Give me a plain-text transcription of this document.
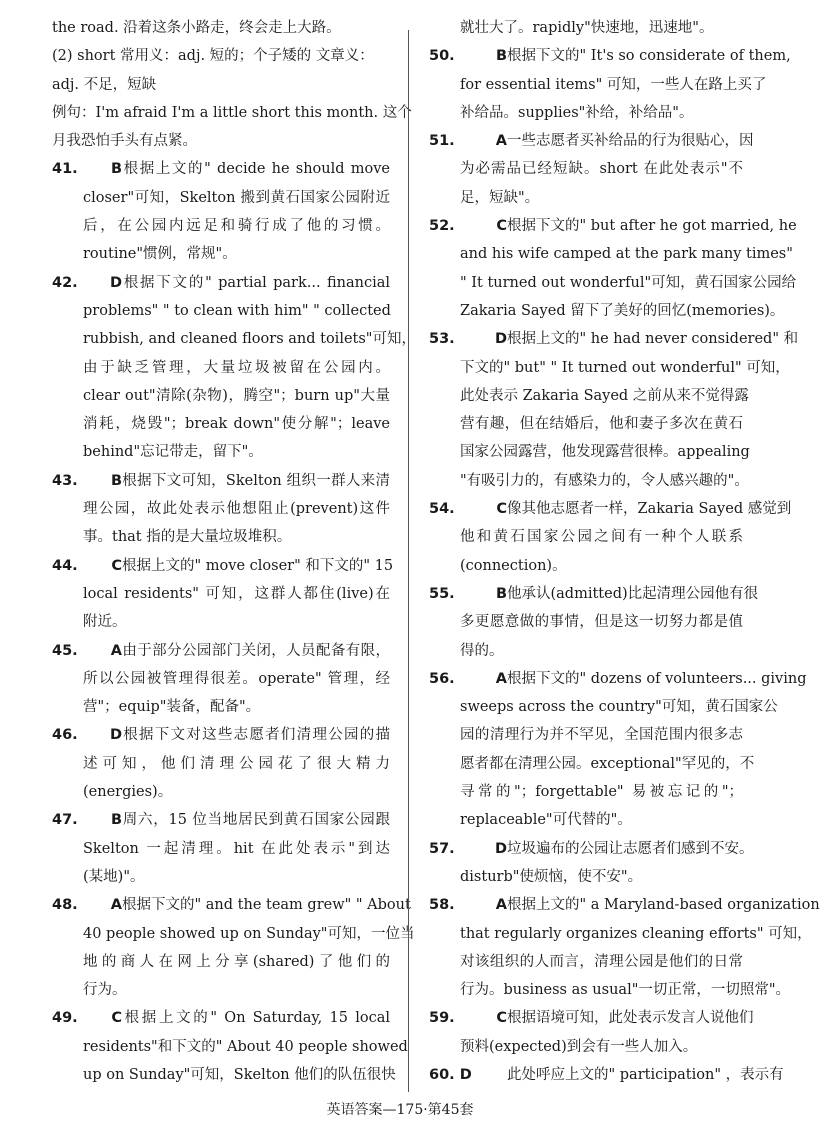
the road. 沿着这条小路走，终会走上大路。
(2) short 常用义：adj. 短的；个子矮的 文章义：
adj. 不足，短缺
例句：I'm afraid I'm a little short this month. 这个
月我恐怕手头有点紧。
41. B根据上文的" decide he should move
closer"可知，Skelton 搬到黄石国家公园附近
后，在公园内远足和骑行成了他的习惯。
routine"惯例，常规"。
42. D根据下文的" partial park... financial
problems" " to clean with him" " collected
rubbish, and cleaned floors and toilets"可知，
由于缺乏管理，大量垃圾被留在公园内。
clear out"清除(杂物)，腾空"；burn up"大量
消耗，烧毁"；break down"使分解"；leave
behind"忘记带走，留下"。
43. B根据下文可知，Skelton 组织一群人来清
理公园，故此处表示他想阻止(prevent)这件
事。that 指的是大量垃圾堆积。
44. C根据上文的" move closer" 和下文的" 15
local residents" 可知，这群人都住(live)在
附近。
45. A由于部分公园部门关闭，人员配备有限，
所以公园被管理得很差。operate" 管理，经
营"；equip"装备，配备"。
46. D根据下文对这些志愿者们清理公园的描
述可知，他们清理公园花了很大精力
(energies)。
47. B周六，15 位当地居民到黄石国家公园跟
Skelton 一起清理。hit 在此处表示"到达
(某地)"。
48. A根据下文的" and the team grew" " About
40 people showed up on Sunday"可知，一位当
地的商人在网上分享(shared)了他们的
行为。
49. C根据上文的" On Saturday, 15 local
residents"和下文的" About 40 people showed
up on Sunday"可知，Skelton 他们的队伍很快
就壮大了。rapidly"快速地，迅速地"。
50. B根据下文的" It's so considerate of them,
for essential items" 可知，一些人在路上买了
补给品。supplies"补给，补给品"。
51. A一些志愿者买补给品的行为很贴心，因
为必需品已经短缺。short 在此处表示"不
足，短缺"。
52. C根据下文的" but after he got married, he
and his wife camped at the park many times"
" It turned out wonderful"可知，黄石国家公园给
Zakaria Sayed 留下了美好的回忆(memories)。
53. D根据上文的" he had never considered" 和
下文的" but" " It turned out wonderful" 可知，
此处表示 Zakaria Sayed 之前从来不觉得露
营有趣，但在结婚后，他和妻子多次在黄石
国家公园露营，他发现露营很棒。appealing
"有吸引力的，有感染力的，令人感兴趣的"。
54. C像其他志愿者一样，Zakaria Sayed 感觉到
他和黄石国家公园之间有一种个人联系
(connection)。
55. B他承认(admitted)比起清理公园他有很
多更愿意做的事情，但是这一切努力都是值
得的。
56. A根据下文的" dozens of volunteers... giving
sweeps across the country"可知，黄石国家公
园的清理行为并不罕见，全国范围内很多志
愿者都在清理公园。exceptional"罕见的，不
寻常的"；forgettable" 易被忘记的"；
replaceable"可代替的"。
57. D垃圾遍布的公园让志愿者们感到不安。
disturb"使烦恼，使不安"。
58. A根据上文的" a Maryland-based organization
that regularly organizes cleaning efforts" 可知，
对该组织的人而言，清理公园是他们的日常
行为。business as usual"一切正常，一切照常"。
59. C根据语境可知，此处表示发言人说他们
预料(expected)到会有一些人加入。
60. D 此处呼应上文的" participation" ，表示有
英语答案—175·第45套
